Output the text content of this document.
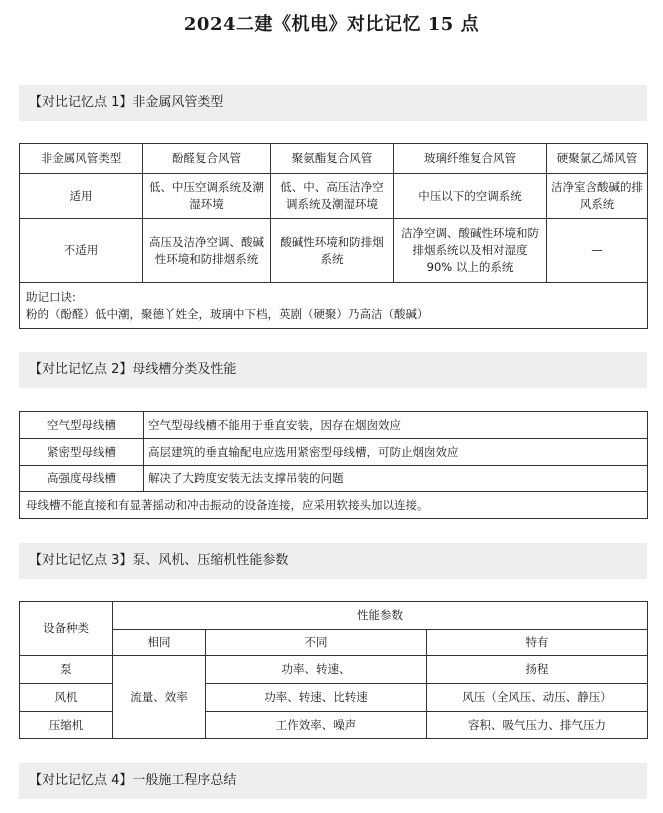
2024二建《机电》对比记忆 15 点
【对比记忆点 1】非金属风管类型
非金属风管类型	酚醛复合风管	聚氨酯复合风管	玻璃纤维复合风管	硬聚氯乙烯风管
适用	低、中压空调系统及潮湿环境	低、中、高压洁净空调系统及潮湿环境	中压以下的空调系统	洁净室含酸碱的排风系统
不适用	高压及洁净空调、酸碱性环境和防排烟系统	酸碱性环境和防排烟系统	洁净空调、酸碱性环境和防排烟系统以及相对湿度 90% 以上的系统	—

助记口诀:
粉的（酚醛）低中潮，聚德丫姓全，玻璃中下档，英剧（硬聚）乃高洁（酸碱）				
【对比记忆点 2】母线槽分类及性能
空气型母线槽	空气型母线槽不能用于垂直安装，因存在烟囱效应
紧密型母线槽	高层建筑的垂直输配电应选用紧密型母线槽，可防止烟囱效应
高强度母线槽	解决了大跨度安装无法支撑吊装的问题
母线槽不能直接和有显著摇动和冲击振动的设备连接，应采用软接头加以连接。	
【对比记忆点 3】泵、风机、压缩机性能参数
设备种类	性能参数		
	相同	不同	特有
泵	流量、效率	功率、转速、	扬程
风机		功率、转速、比转速	风压（全风压、动压、静压）
压缩机		工作效率、噪声	容积、吸气压力、排气压力
【对比记忆点 4】一般施工程序总结
